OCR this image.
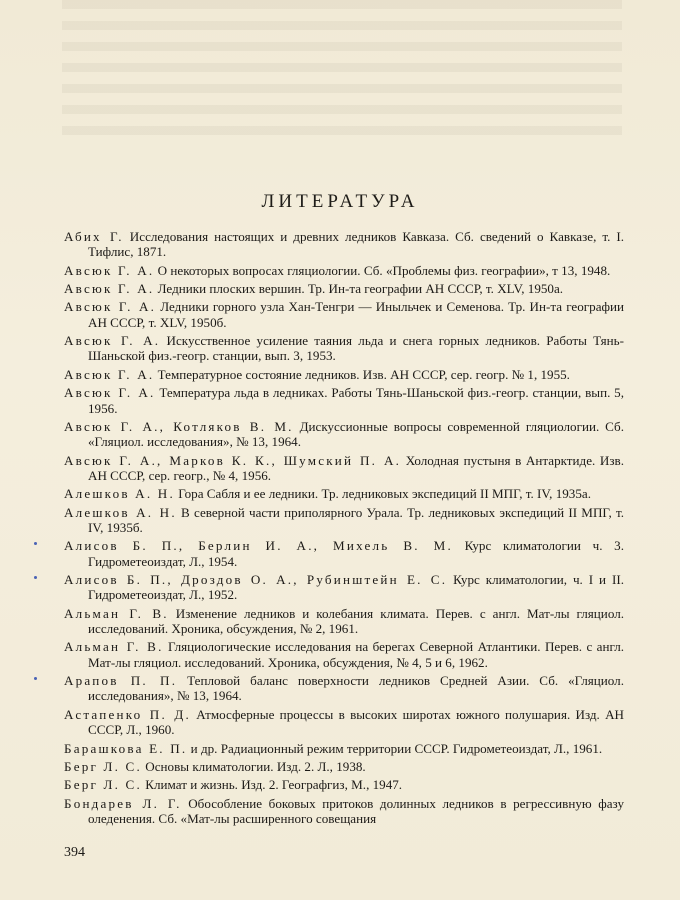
ЛИТЕРАТУРА

Абих Г. Исследования настоящих и древних ледников Кавказа. Сб. сведений о Кавказе, т. I. Тифлис, 1871.

Авсюк Г. А. О некоторых вопросах гляциологии. Сб. «Проблемы физ. географии», т 13, 1948.

Авсюк Г. А. Ледники плоских вершин. Тр. Ин-та географии АН СССР, т. XLV, 1950а.

Авсюк Г. А. Ледники горного узла Хан-Тенгри — Иныльчек и Семенова. Тр. Ин-та географии АН СССР, т. XLV, 1950б.

Авсюк Г. А. Искусственное усиление таяния льда и снега горных ледников. Работы Тянь-Шаньской физ.-геогр. станции, вып. 3, 1953.

Авсюк Г. А. Температурное состояние ледников. Изв. АН СССР, сер. геогр. № 1, 1955.

Авсюк Г. А. Температура льда в ледниках. Работы Тянь-Шаньской физ.-геогр. станции, вып. 5, 1956.

Авсюк Г. А., Котляков В. М. Дискуссионные вопросы современной гляциологии. Сб. «Гляциол. исследования», № 13, 1964.

Авсюк Г. А., Марков К. К., Шумский П. А. Холодная пустыня в Антарктиде. Изв. АН СССР, сер. геогр., № 4, 1956.

Алешков А. Н. Гора Сабля и ее ледники. Тр. ледниковых экспедиций II МПГ, т. IV, 1935а.

Алешков А. Н. В северной части приполярного Урала. Тр. ледниковых экспедиций II МПГ, т. IV, 1935б.

Алисов Б. П., Берлин И. А., Михель В. М. Курс климатологии ч. 3. Гидрометеоиздат, Л., 1954.

Алисов Б. П., Дроздов О. А., Рубинштейн Е. С. Курс климатологии, ч. I и II. Гидрометеоиздат, Л., 1952.

Альман Г. В. Изменение ледников и колебания климата. Перев. с англ. Мат-лы гляциол. исследований. Хроника, обсуждения, № 2, 1961.

Альман Г. В. Гляциологические исследования на берегах Северной Атлантики. Перев. с англ. Мат-лы гляциол. исследований. Хроника, обсуждения, № 4, 5 и 6, 1962.

Арапов П. П. Тепловой баланс поверхности ледников Средней Азии. Сб. «Гляциол. исследования», № 13, 1964.

Астапенко П. Д. Атмосферные процессы в высоких широтах южного полушария. Изд. АН СССР, Л., 1960.

Барашкова Е. П. и др. Радиационный режим территории СССР. Гидрометеоиздат, Л., 1961.

Берг Л. С. Основы климатологии. Изд. 2. Л., 1938.

Берг Л. С. Климат и жизнь. Изд. 2. Географгиз, М., 1947.

Бондарев Л. Г. Обособление боковых притоков долинных ледников в регрессивную фазу оледенения. Сб. «Мат-лы расширенного совещания

394
